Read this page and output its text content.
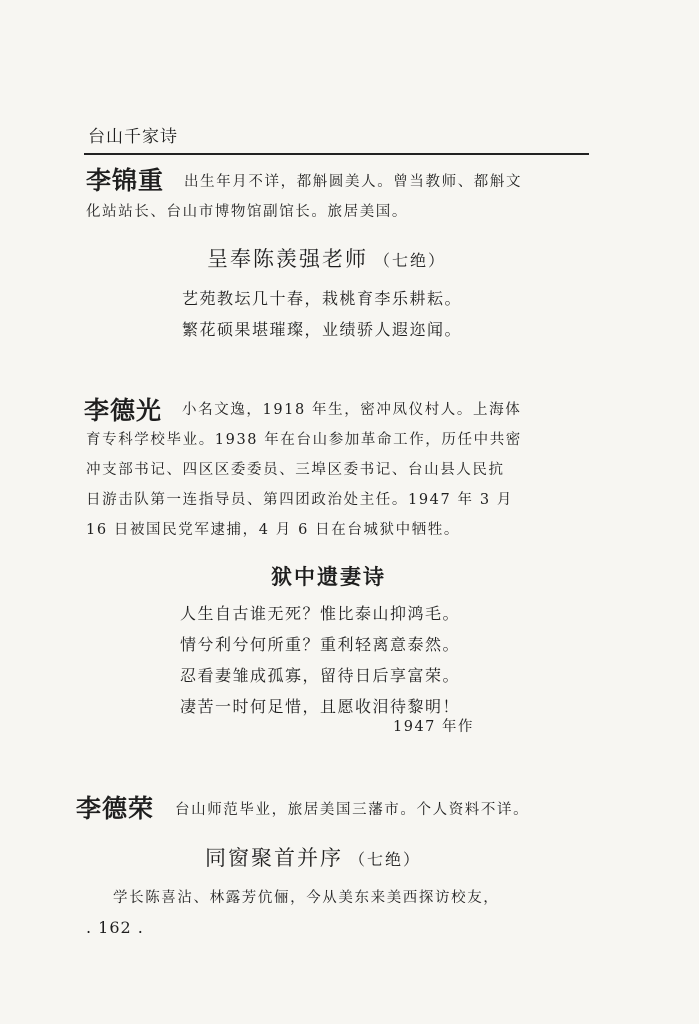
台山千家诗
李锦重 出生年月不详，都斛圆美人。曾当教师、都斛文
化站站长、台山市博物馆副馆长。旅居美国。
呈奉陈羡强老师 （七绝）
艺苑教坛几十春，栽桃育李乐耕耘。
繁花硕果堪璀璨，业绩骄人遐迩闻。
李德光 小名文逸，1918 年生，密冲凤仪村人。上海体
育专科学校毕业。1938 年在台山参加革命工作，历任中共密
冲支部书记、四区区委委员、三埠区委书记、台山县人民抗
日游击队第一连指导员、第四团政治处主任。1947 年 3 月
16 日被国民党军逮捕，4 月 6 日在台城狱中牺牲。
狱中遗妻诗
人生自古谁无死？惟比泰山抑鸿毛。
情兮利兮何所重？重利轻离意泰然。
忍看妻雏成孤寡，留待日后享富荣。
凄苦一时何足惜，且愿收泪待黎明！
1947 年作
李德荣 台山师范毕业，旅居美国三藩市。个人资料不详。
同窗聚首并序 （七绝）
学长陈喜沾、林露芳伉俪，今从美东来美西探访校友，
. 162 .
